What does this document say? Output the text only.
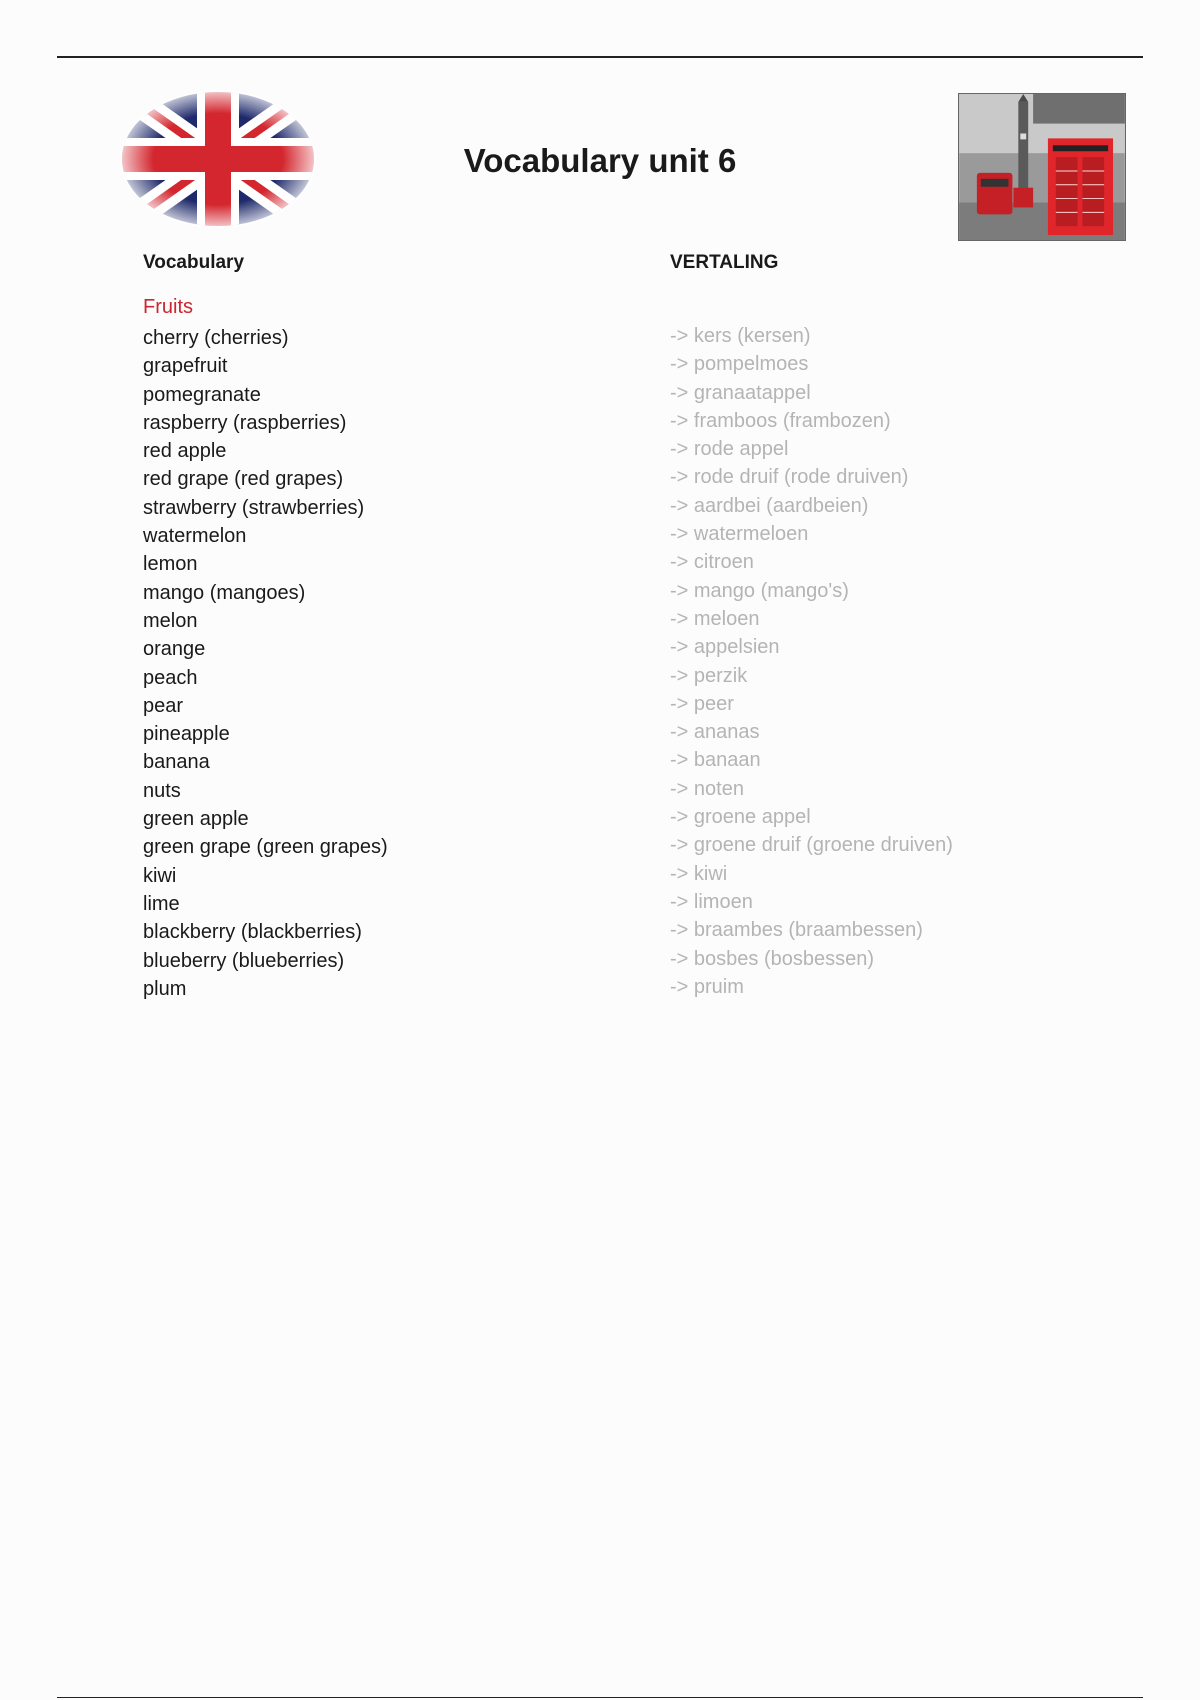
Vocabulary unit 6
Vocabulary	VERTALING
Fruits
cherry (cherries)	-> kers (kersen)
grapefruit	-> pompelmoes
pomegranate	-> granaatappel
raspberry (raspberries)	-> framboos (frambozen)
red apple	-> rode appel
red grape (red grapes)	-> rode druif (rode druiven)
strawberry (strawberries)	-> aardbei (aardbeien)
watermelon	-> watermeloen
lemon	-> citroen
mango (mangoes)	-> mango (mango's)
melon	-> meloen
orange	-> appelsien
peach	-> perzik
pear	-> peer
pineapple	-> ananas
banana	-> banaan
nuts	-> noten
green apple	-> groene appel
green grape (green grapes)	-> groene druif (groene druiven)
kiwi	-> kiwi
lime	-> limoen
blackberry (blackberries)	-> braambes (braambessen)
blueberry (blueberries)	-> bosbes (bosbessen)
plum	-> pruim
